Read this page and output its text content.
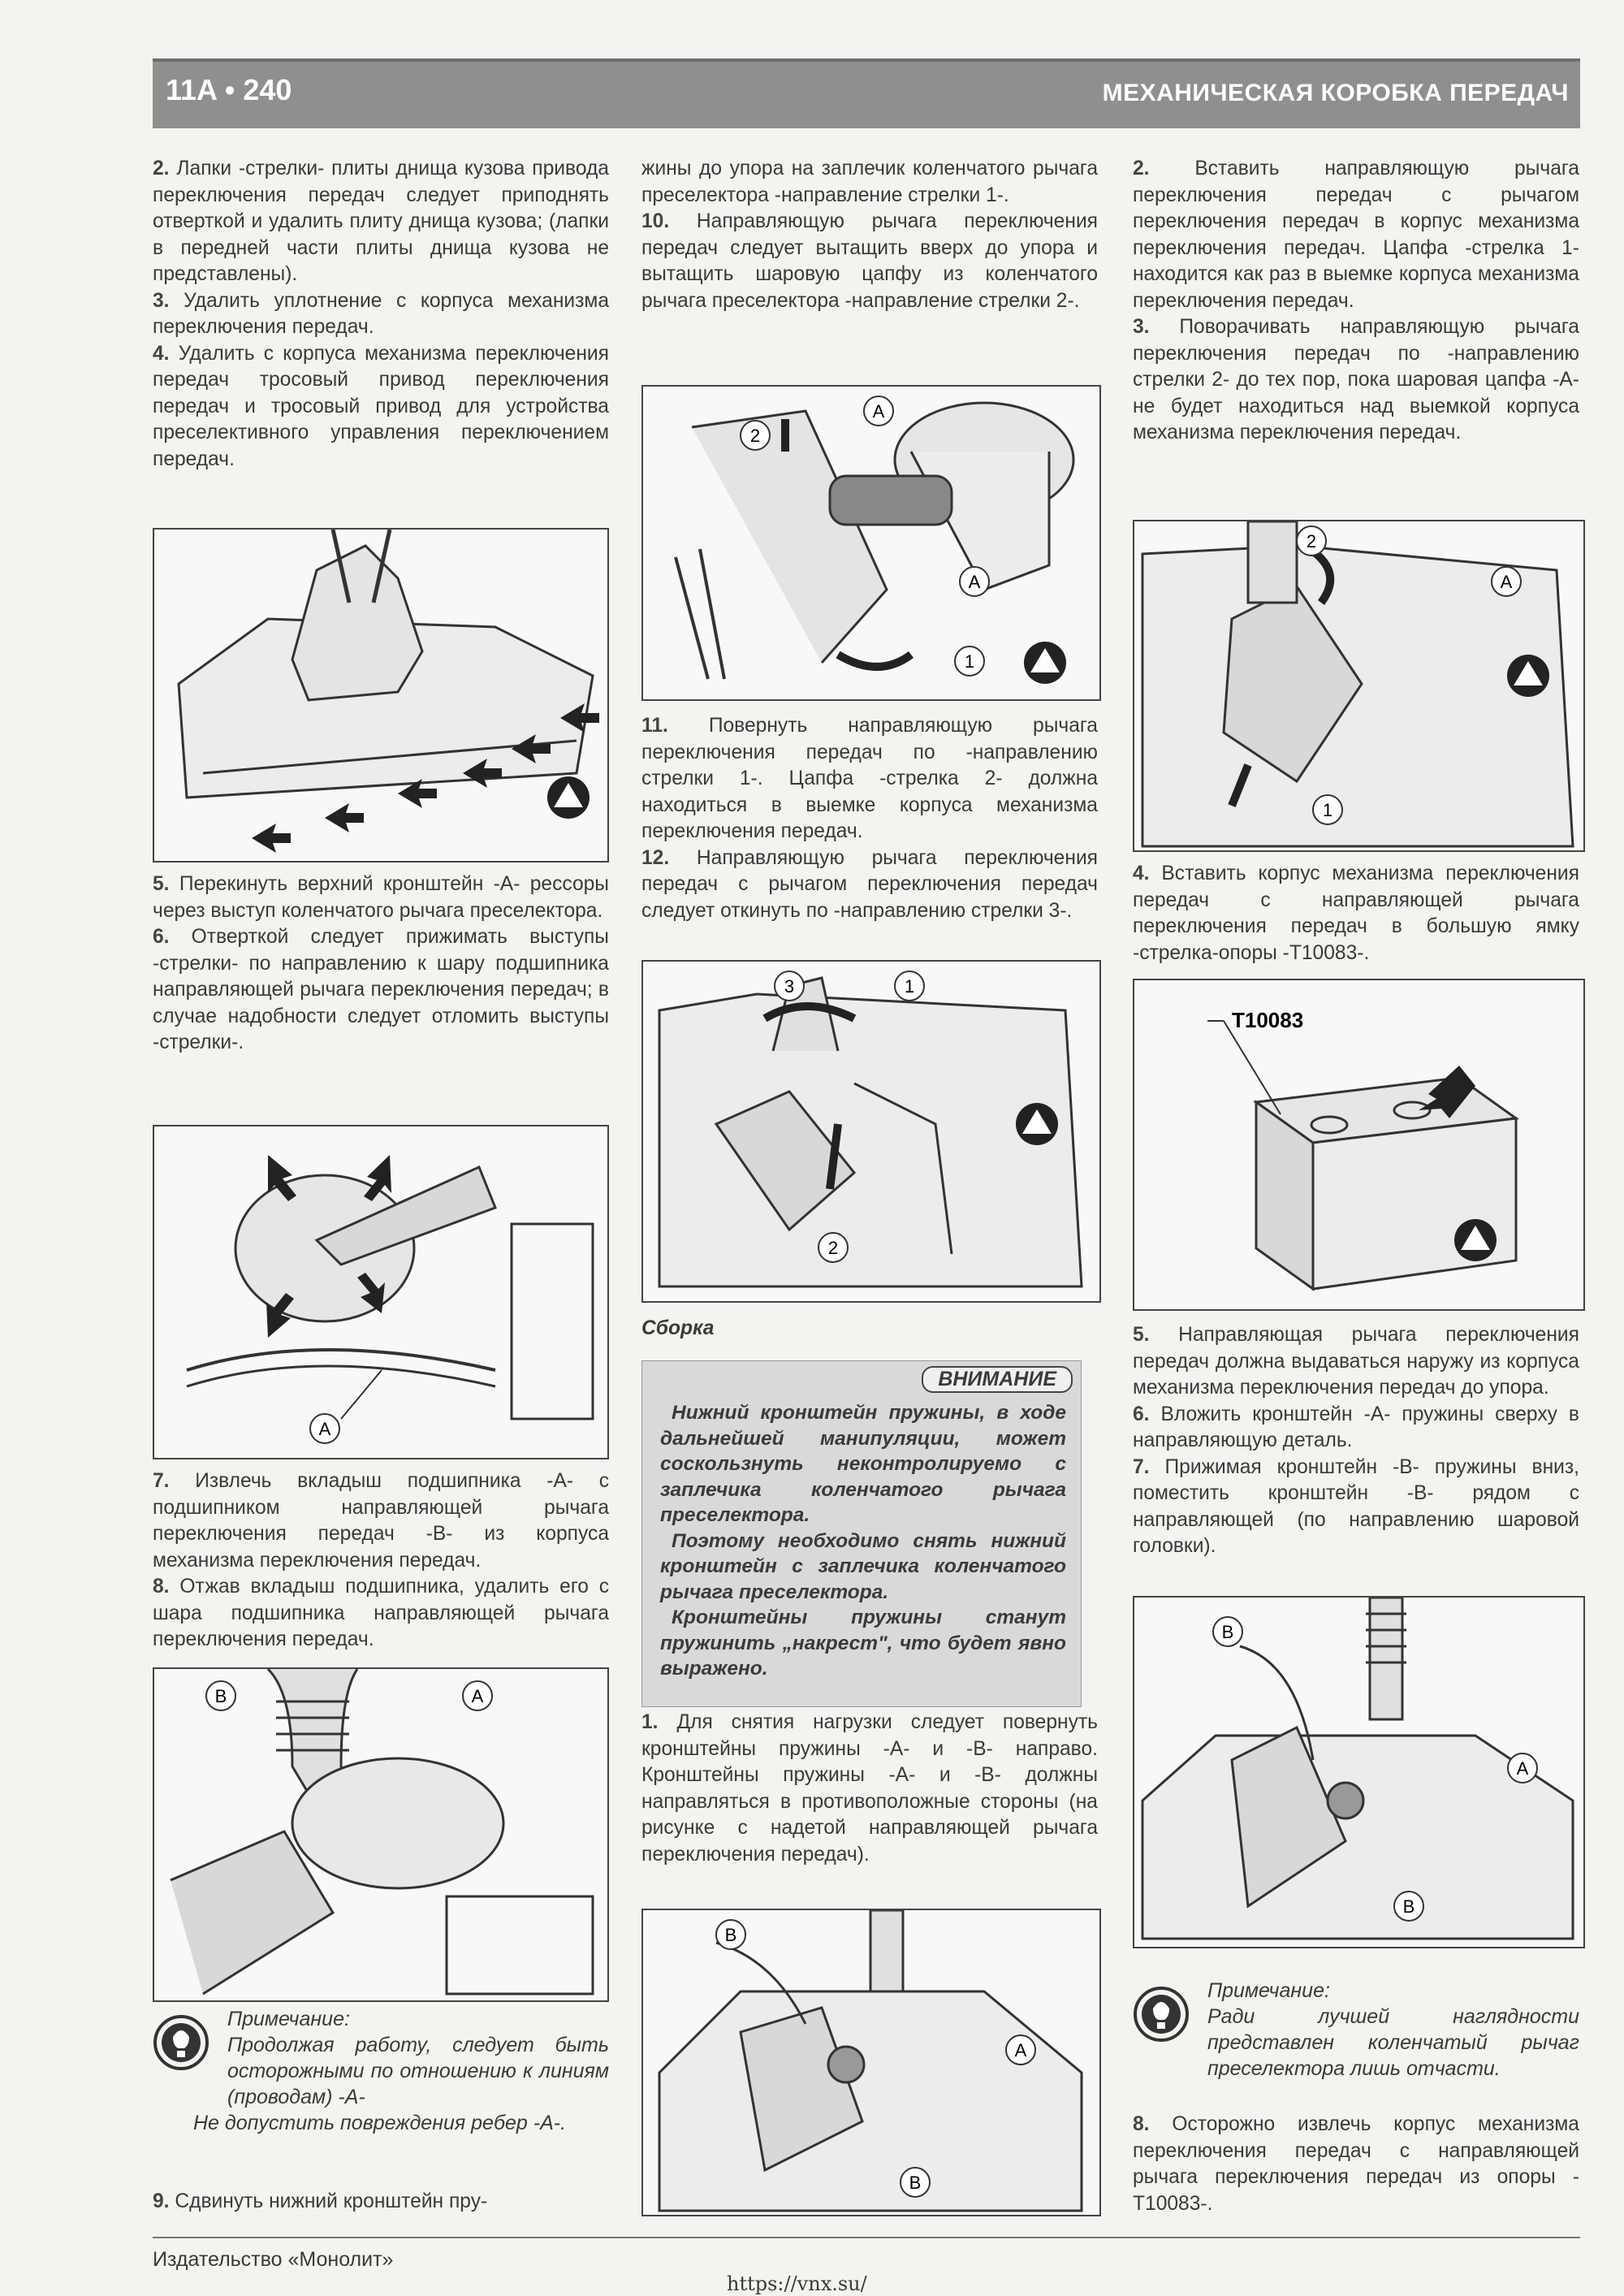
11A • 240	МЕХАНИЧЕСКАЯ КОРОБКА ПЕРЕДАЧ

2. Лапки -стрелки- плиты днища кузова привода переключения передач следует приподнять отверткой и удалить плиту днища кузова; (лапки в передней части плиты днища кузова не представлены).

3. Удалить уплотнение с корпуса механизма переключения передач.

4. Удалить с корпуса механизма переключения передач тросовый привод переключения передач и тросовый привод для устройства преселективного управления переключением передач.

5. Перекинуть верхний кронштейн -А- рессоры через выступ коленчатого рычага преселектора.

6. Отверткой следует прижимать выступы -стрелки- по направлению к шару подшипника направляющей рычага переключения передач; в случае надобности следует отломить выступы -стрелки-.

A

7. Извлечь вкладыш подшипника -А- с подшипником направляющей рычага переключения передач -В- из корпуса механизма переключения передач.

8. Отжав вкладыш подшипника, удалить его с шара подшипника направляющей рычага переключения передач.

B	A
Примечание:
Продолжая работу, следует быть осторожными по отношению к линиям (проводам) -А-
Не допустить повреждения ребер -А-.

9. Сдвинуть нижний кронштейн пру-

жины до упора на заплечик коленчатого рычага преселектора -направление стрелки 1-.

10. Направляющую рычага переключения передач следует вытащить вверх до упора и вытащить шаровую цапфу из коленчатого рычага преселектора -направление стрелки 2-.

2
A
A
1

11. Повернуть направляющую рычага переключения передач по -направлению стрелки 1-. Цапфа -стрелка 2- должна находиться в выемке корпуса механизма переключения передач.

12. Направляющую рычага переключения передач с рычагом переключения передач следует откинуть по -направлению стрелки 3-.

3	1
2
Сборка
ВНИМАНИЕ

Нижний кронштейн пружины, в ходе дальнейшей манипуляции, может соскользнуть неконтролируемо с заплечика коленчатого рычага преселектора.

Поэтому необходимо снять нижний кронштейн с заплечика коленчатого рычага преселектора.

Кронштейны пружины станут пружинить „накрест", что будет явно выражено.

1. Для снятия нагрузки следует повернуть кронштейны пружины -А- и -В- направо. Кронштейны пружины -А- и -В- должны направляться в противоположные стороны (на рисунке с надетой направляющей рычага переключения передач).

B
A
B

2. Вставить направляющую рычага переключения передач с рычагом переключения передач в корпус механизма переключения передач. Цапфа -стрелка 1- находится как раз в выемке корпуса механизма переключения передач.

3. Поворачивать направляющую рычага переключения передач по -направлению стрелки 2- до тех пор, пока шаровая цапфа -А- не будет находиться над выемкой корпуса механизма переключения передач.

2
A
1

4. Вставить корпус механизма переключения передач с направляющей рычага переключения передач в большую ямку -стрелка-опоры -Т10083-.

T10083

5. Направляющая рычага переключения передач должна выдаваться наружу из корпуса механизма переключения передач до упора.

6. Вложить кронштейн -А- пружины сверху в направляющую деталь.

7. Прижимая кронштейн -В- пружины вниз, поместить кронштейн -В- рядом с направляющей (по направлению шаровой головки).

B
A
B
Примечание:
Ради лучшей наглядности представлен коленчатый рычаг преселектора лишь отчасти.

8. Осторожно извлечь корпус механизма переключения передач с направляющей рычага переключения передач из опоры - Т10083-.

Издательство «Монолит»
https://vnx.su/
